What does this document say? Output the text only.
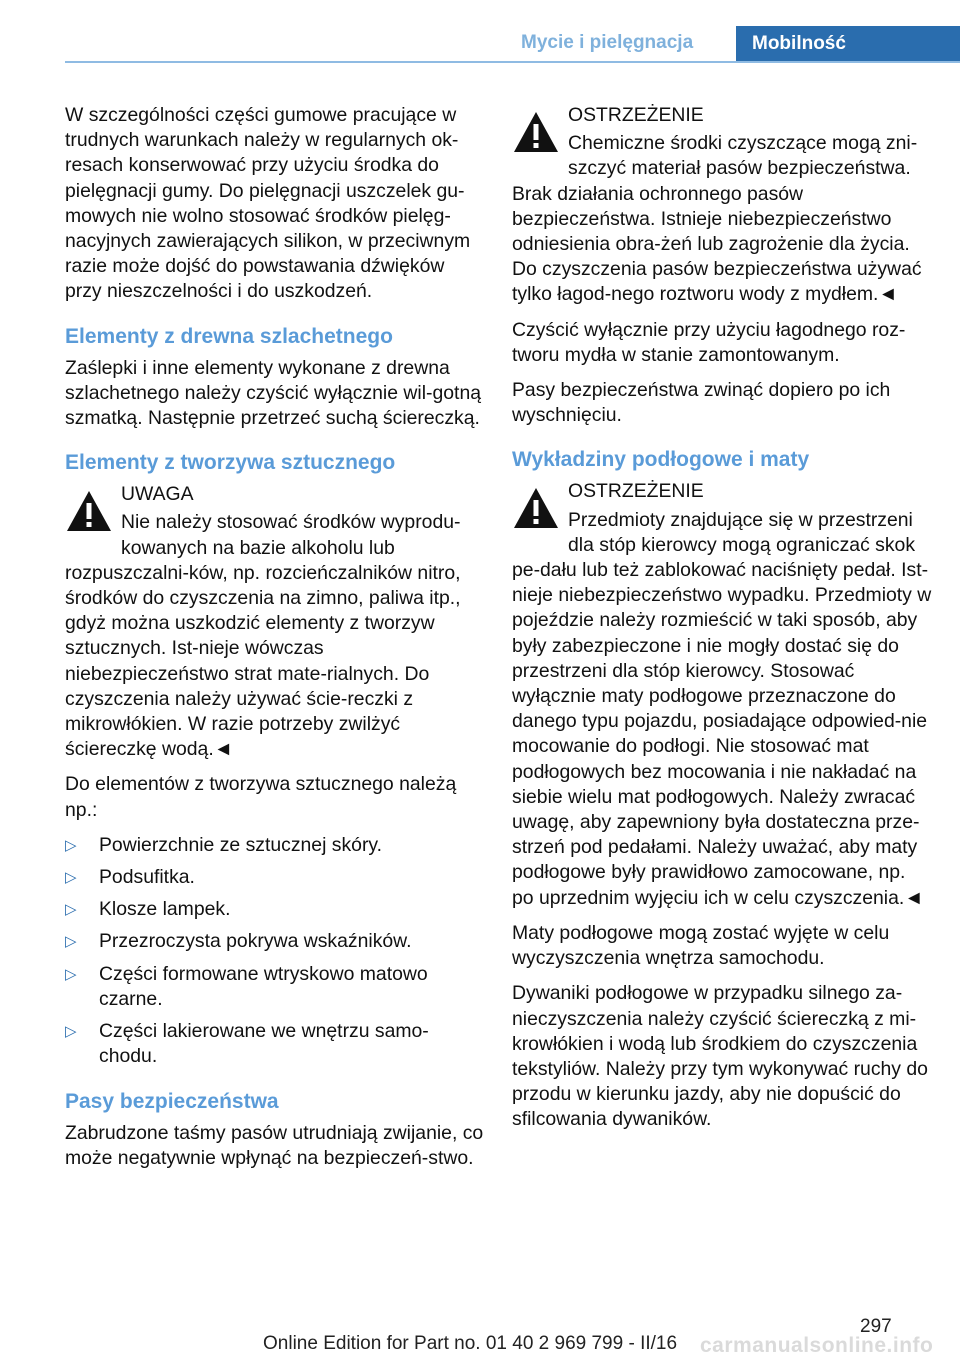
Mycie i pielęgnacja	Mobilność

W szczególności części gumowe pracujące w trudnych warunkach należy w regularnych ok-resach konserwować przy użyciu środka do pielęgnacji gumy. Do pielęgnacji uszczelek gu-mowych nie wolno stosować środków pielęg-nacyjnych zawierających silikon, w przeciwnym razie może dojść do powstawania dźwięków przy nieszczelności i do uszkodzeń.

Elementy z drewna szlachetnego

Zaślepki i inne elementy wykonane z drewna szlachetnego należy czyścić wyłącznie wil-gotną szmatką. Następnie przetrzeć suchą ściereczką.

Elementy z tworzywa sztucznego
UWAGA

Nie należy stosować środków wyprodu-kowanych na bazie alkoholu lub rozpuszczalni-ków, np. rozcieńczalników nitro, środków do czyszczenia na zimno, paliwa itp., gdyż można uszkodzić elementy z tworzyw sztucznych. Ist-nieje wówczas niebezpieczeństwo strat mate-rialnych. Do czyszczenia należy używać ście-reczki z mikrowłókien. W razie potrzeby zwilżyć ściereczkę wodą.◄

Do elementów z tworzywa sztucznego należą np.:

▷ Powierzchnie ze sztucznej skóry.
▷ Podsufitka.
▷ Klosze lampek.
▷ Przezroczysta pokrywa wskaźników.
▷ Części formowane wtryskowo matowo czarne.
▷ Części lakierowane we wnętrzu samo-chodu.
Pasy bezpieczeństwa

Zabrudzone taśmy pasów utrudniają zwijanie, co może negatywnie wpłynąć na bezpieczeń-stwo.

OSTRZEŻENIE

Chemiczne środki czyszczące mogą zni-szczyć materiał pasów bezpieczeństwa. Brak działania ochronnego pasów bezpieczeństwa. Istnieje niebezpieczeństwo odniesienia obra-żeń lub zagrożenie dla życia. Do czyszczenia pasów bezpieczeństwa używać tylko łagod-nego roztworu wody z mydłem.◄

Czyścić wyłącznie przy użyciu łagodnego roz-tworu mydła w stanie zamontowanym.

Pasy bezpieczeństwa zwinąć dopiero po ich wyschnięciu.

Wykładziny podłogowe i maty
OSTRZEŻENIE

Przedmioty znajdujące się w przestrzeni dla stóp kierowcy mogą ograniczać skok pe-dału lub też zablokować naciśnięty pedał. Ist-nieje niebezpieczeństwo wypadku. Przedmioty w pojeździe należy rozmieścić w taki sposób, aby były zabezpieczone i nie mogły dostać się do przestrzeni dla stóp kierowcy. Stosować wyłącznie maty podłogowe przeznaczone do danego typu pojazdu, posiadające odpowied-nie mocowanie do podłogi. Nie stosować mat podłogowych bez mocowania i nie nakładać na siebie wielu mat podłogowych. Należy zwracać uwagę, aby zapewniony była dostateczna prze-strzeń pod pedałami. Należy uważać, aby maty podłogowe były prawidłowo zamocowane, np. po uprzednim wyjęciu ich w celu czyszczenia.◄

Maty podłogowe mogą zostać wyjęte w celu wyczyszczenia wnętrza samochodu.

Dywaniki podłogowe w przypadku silnego za-nieczyszczenia należy czyścić ściereczką z mi-krowłókien i wodą lub środkiem do czyszczenia tekstyliów. Należy przy tym wykonywać ruchy do przodu w kierunku jazdy, aby nie dopuścić do sfilcowania dywaników.

297
Online Edition for Part no. 01 40 2 969 799 - II/16 carmanualsonline.info
